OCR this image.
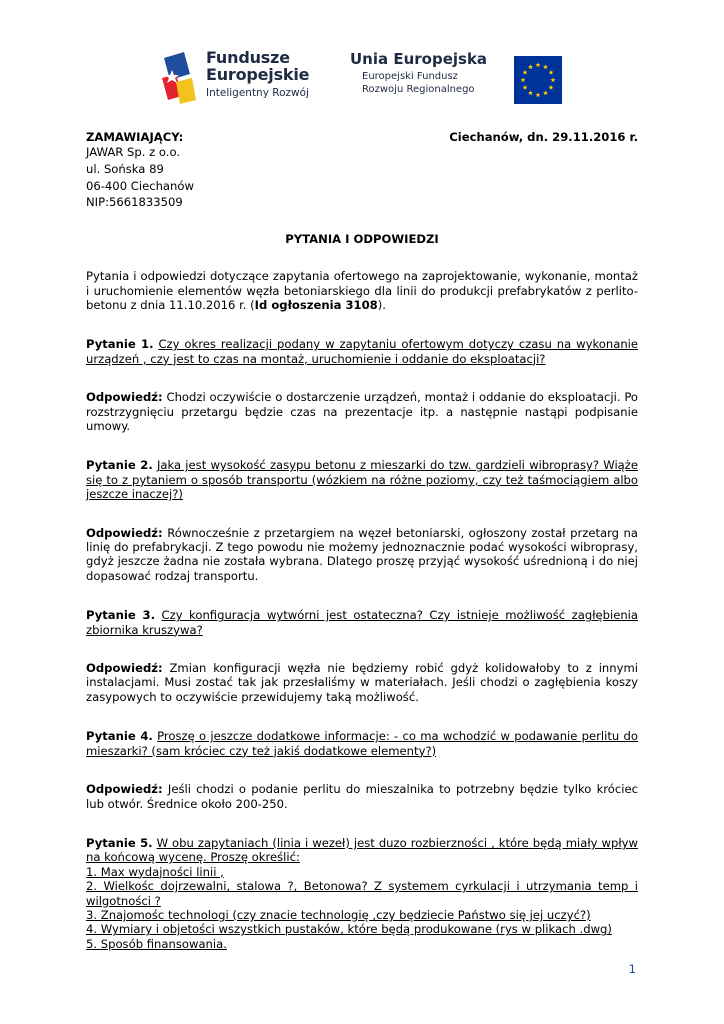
Fundusze
Europejskie
Inteligentny Rozwój
Unia Europejska
Europejski Fundusz
Rozwoju Regionalnego
ZAMAWIAJĄCY:	Ciechanów, dn. 29.11.2016 r.
JAWAR Sp. z o.o.
ul. Sońska 89
06-400 Ciechanów
NIP:5661833509
PYTANIA I ODPOWIEDZI
Pytania i odpowiedzi dotyczące zapytania ofertowego na zaprojektowanie, wykonanie, montaż i uruchomienie elementów węzła betoniarskiego dla linii do produkcji prefabrykatów z perlito-betonu z dnia 11.10.2016 r. (Id ogłoszenia 3108).
Pytanie 1. Czy okres realizacji podany w zapytaniu ofertowym dotyczy czasu na wykonanie urządzeń , czy jest to czas na montaż, uruchomienie i oddanie do eksploatacji?
Odpowiedź: Chodzi oczywiście o dostarczenie urządzeń, montaż i oddanie do eksploatacji. Po rozstrzygnięciu przetargu będzie czas na prezentacje itp. a następnie nastąpi podpisanie umowy.
Pytanie 2. Jaka jest wysokość zasypu betonu z mieszarki do tzw. gardzieli wibroprasy? Wiąże się to z pytaniem o sposób transportu (wózkiem na różne poziomy, czy też taśmociągiem albo jeszcze inaczej?)
Odpowiedź: Równocześnie z przetargiem na węzeł betoniarski, ogłoszony został przetarg na linię do prefabrykacji. Z tego powodu nie możemy jednoznacznie podać wysokości wibroprasy, gdyż jeszcze żadna nie została wybrana. Dlatego proszę przyjąć wysokość uśrednioną i do niej dopasować rodzaj transportu.
Pytanie 3. Czy konfiguracja wytwórni jest ostateczna? Czy istnieje możliwość zagłębienia zbiornika kruszywa?
Odpowiedź: Zmian konfiguracji węzła nie będziemy robić gdyż kolidowałoby to z innymi instalacjami. Musi zostać tak jak przesłaliśmy w materiałach. Jeśli chodzi o zagłębienia koszy zasypowych to oczywiście przewidujemy taką możliwość.
Pytanie 4. Proszę o jeszcze dodatkowe informacje: - co ma wchodzić w podawanie perlitu do mieszarki? (sam króciec czy też jakiś dodatkowe elementy?)
Odpowiedź: Jeśli chodzi o podanie perlitu do mieszalnika to potrzebny będzie tylko króciec lub otwór. Średnice około 200-250.
Pytanie 5. W obu zapytaniach (linia i wezeł) jest duzo rozbierzności , które będą miały wpływ na końcową wycenę. Proszę określić:
1. Max wydajności linii ,
2. Wielkośc dojrzewalni, stalowa ?, Betonowa? Z systemem cyrkulacji i utrzymania temp i wilgotności ?
3. Znajomośc technologi (czy znacie technologię ,czy będziecie Państwo się jej uczyć?)
4. Wymiary i objetości wszystkich pustaków, które będą produkowane (rys w plikach .dwg)
5. Sposób finansowania.
1
